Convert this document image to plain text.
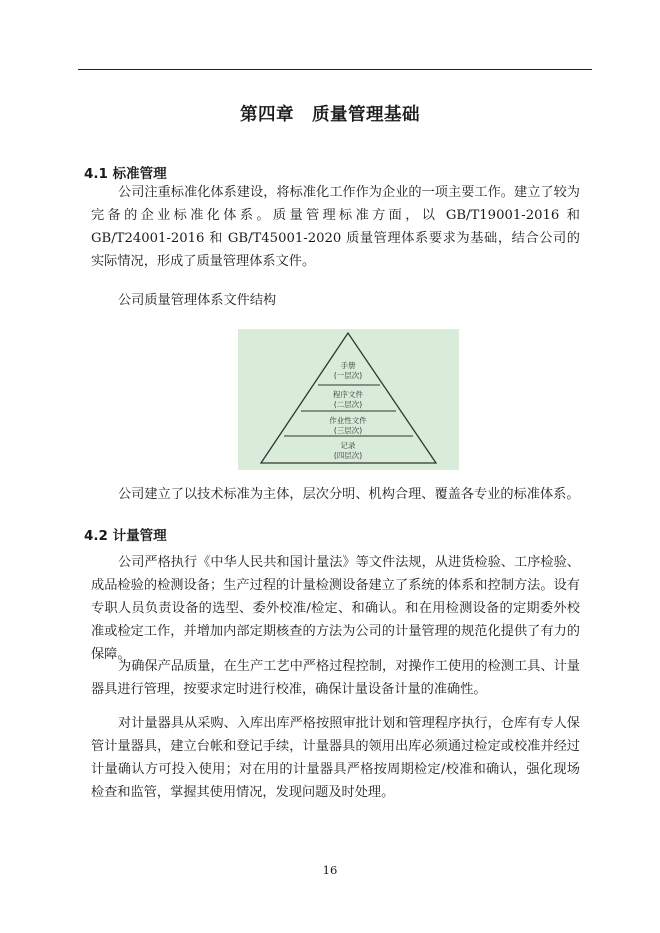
第四章　质量管理基础
4.1 标准管理

公司注重标准化体系建设，将标准化工作作为企业的一项主要工作。建立了较为完备的企业标准化体系。质量管理标准方面，以 GB/T19001-2016 和 GB/T24001-2016 和 GB/T45001-2020 质量管理体系要求为基础，结合公司的实际情况，形成了质量管理体系文件。

公司质量管理体系文件结构
手册
(一层次)
程序文件
(二层次)
作业性文件
(三层次)
记录
(四层次)

公司建立了以技术标准为主体，层次分明、机构合理、覆盖各专业的标准体系。

4.2 计量管理

公司严格执行《中华人民共和国计量法》等文件法规，从进货检验、工序检验、成品检验的检测设备；生产过程的计量检测设备建立了系统的体系和控制方法。设有专职人员负责设备的选型、委外校准/检定、和确认。和在用检测设备的定期委外校准或检定工作，并增加内部定期核查的方法为公司的计量管理的规范化提供了有力的保障。

为确保产品质量，在生产工艺中严格过程控制，对操作工使用的检测工具、计量器具进行管理，按要求定时进行校准，确保计量设备计量的准确性。

对计量器具从采购、入库出库严格按照审批计划和管理程序执行，仓库有专人保管计量器具，建立台帐和登记手续，计量器具的领用出库必须通过检定或校准并经过计量确认方可投入使用；对在用的计量器具严格按周期检定/校准和确认，强化现场检查和监管，掌握其使用情况，发现问题及时处理。

16
